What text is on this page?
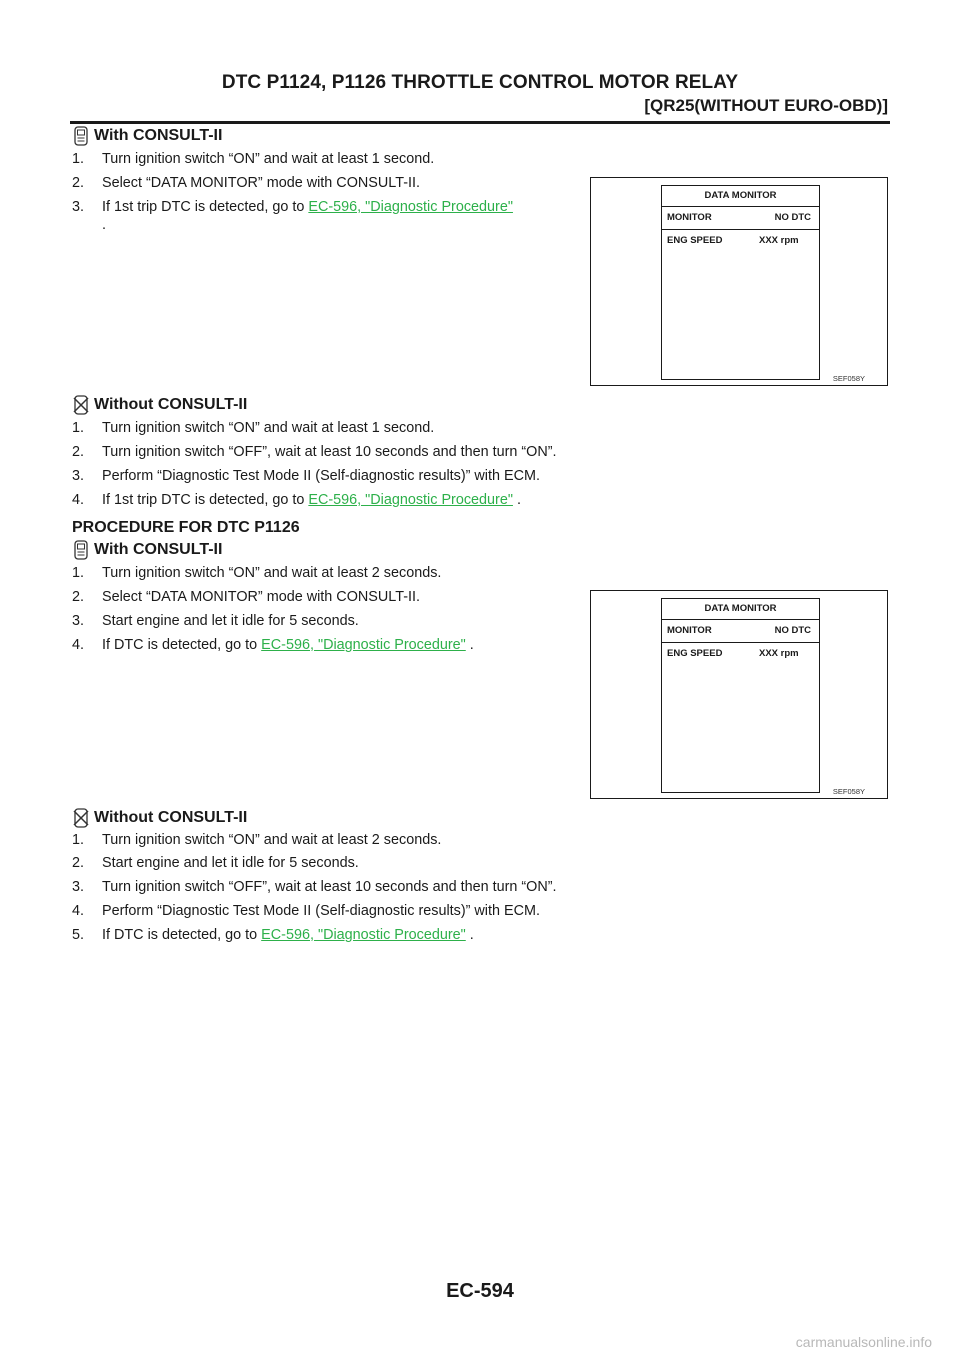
DTC P1124, P1126 THROTTLE CONTROL MOTOR RELAY
[QR25(WITHOUT EURO-OBD)]
With CONSULT-II
1. Turn ignition switch “ON” and wait at least 1 second.
2. Select “DATA MONITOR” mode with CONSULT-II.
3. If 1st trip DTC is detected, go to EC-596, "Diagnostic Procedure"
.
DATA MONITOR
MONITOR	NO DTC
ENG SPEED	XXX rpm
SEF058Y
Without CONSULT-II
1. Turn ignition switch “ON” and wait at least 1 second.
2. Turn ignition switch “OFF”, wait at least 10 seconds and then turn “ON”.
3. Perform “Diagnostic Test Mode II (Self-diagnostic results)” with ECM.
4. If 1st trip DTC is detected, go to EC-596, "Diagnostic Procedure" .
PROCEDURE FOR DTC P1126
With CONSULT-II
1. Turn ignition switch “ON” and wait at least 2 seconds.
2. Select “DATA MONITOR” mode with CONSULT-II.
3. Start engine and let it idle for 5 seconds.
4. If DTC is detected, go to EC-596, "Diagnostic Procedure" .
DATA MONITOR
MONITOR	NO DTC
ENG SPEED	XXX rpm
SEF058Y
Without CONSULT-II
1. Turn ignition switch “ON” and wait at least 2 seconds.
2. Start engine and let it idle for 5 seconds.
3. Turn ignition switch “OFF”, wait at least 10 seconds and then turn “ON”.
4. Perform “Diagnostic Test Mode II (Self-diagnostic results)” with ECM.
5. If DTC is detected, go to EC-596, "Diagnostic Procedure" .
EC-594
carmanualsonline.info
